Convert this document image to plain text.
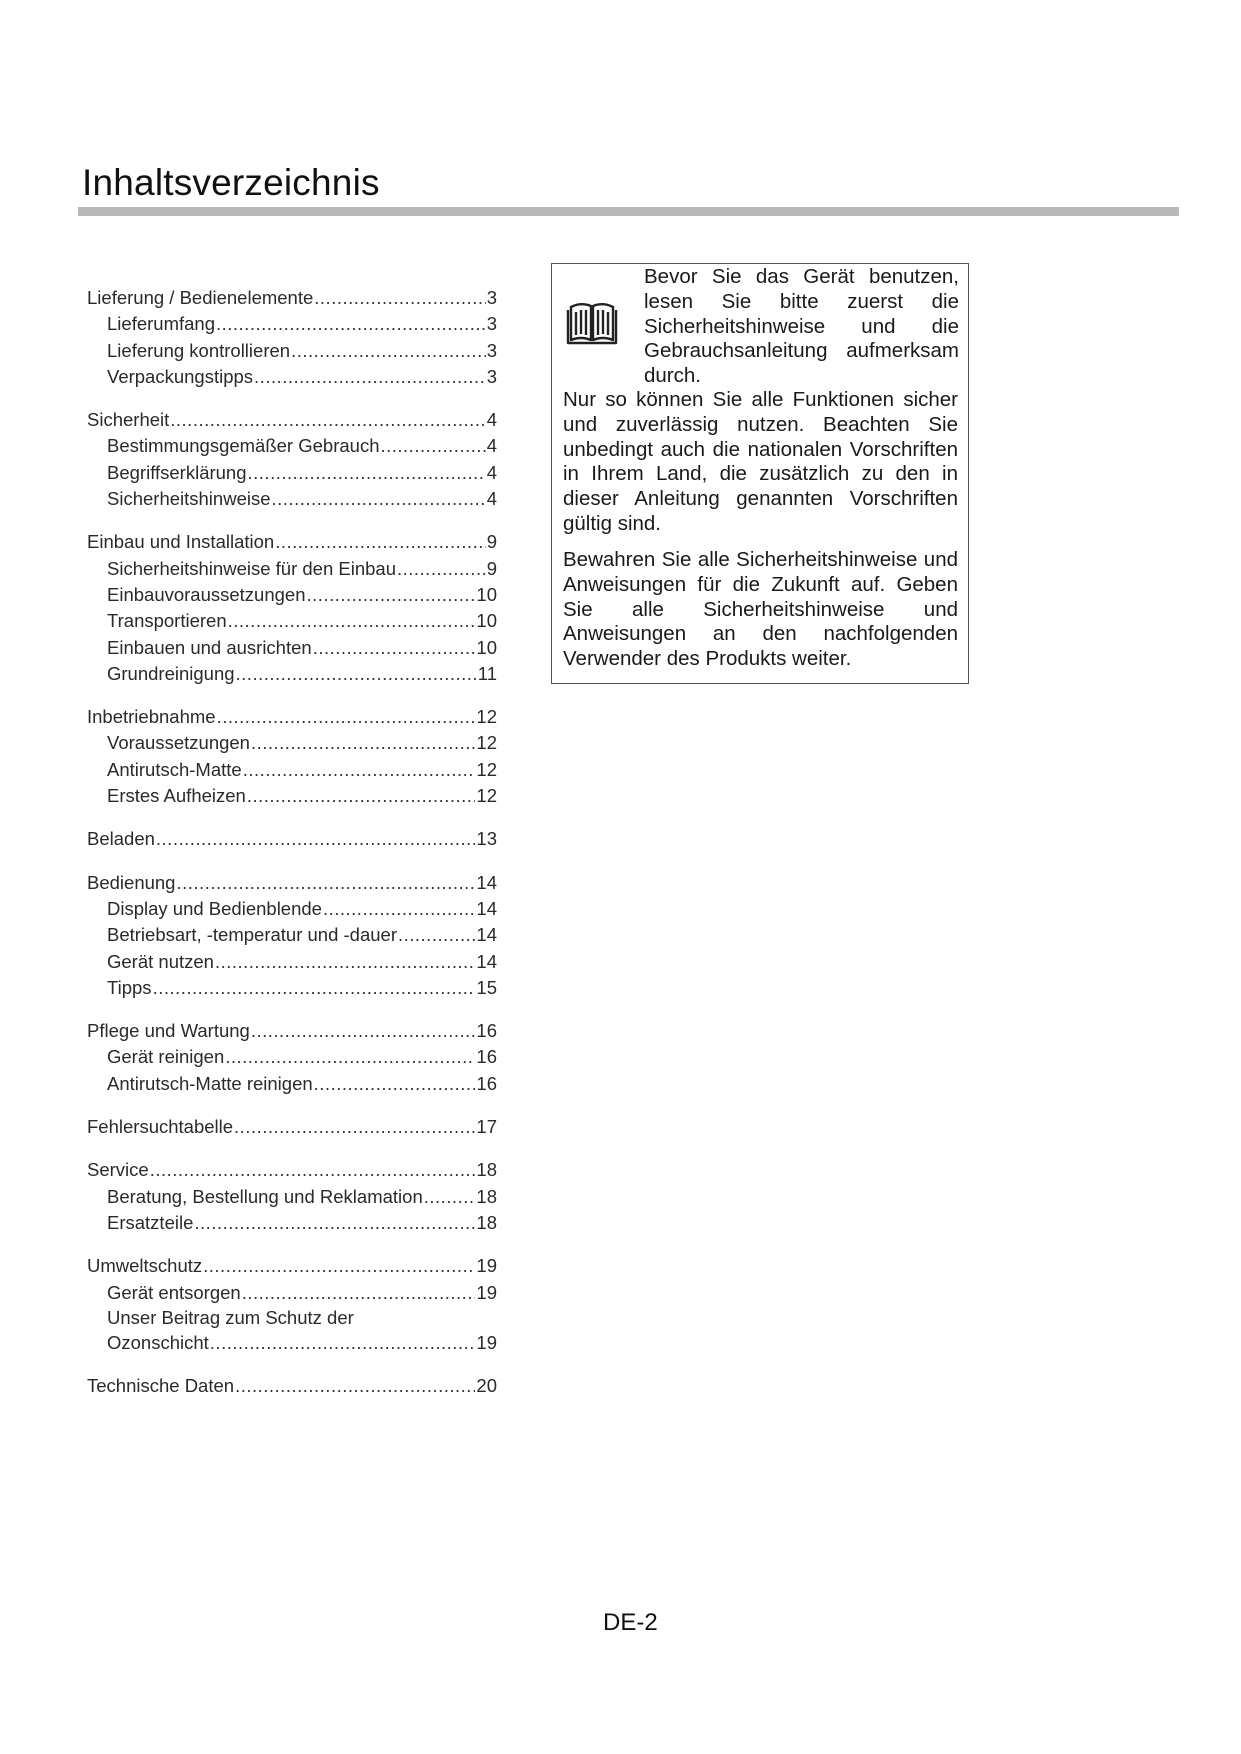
Inhaltsverzeichnis
Lieferung / Bedienelemente .....	3
Lieferumfang .....	3
Lieferung kontrollieren .....	3
Verpackungstipps .....	3
Sicherheit .....	4
Bestimmungsgemäßer Gebrauch .....	4
Begriffserklärung .....	4
Sicherheitshinweise .....	4
Einbau und Installation .....	9
Sicherheitshinweise für den Einbau .....	9
Einbauvoraussetzungen .....	10
Transportieren .....	10
Einbauen und ausrichten .....	10
Grundreinigung .....	11
Inbetriebnahme .....	12
Voraussetzungen .....	12
Antirutsch-Matte .....	12
Erstes Aufheizen .....	12
Beladen .....	13
Bedienung .....	14
Display und Bedienblende .....	14
Betriebsart, -temperatur und -dauer .....	14
Gerät nutzen .....	14
Tipps .....	15
Pflege und Wartung .....	16
Gerät reinigen .....	16
Antirutsch-Matte reinigen .....	16
Fehlersuchtabelle .....	17
Service .....	18
Beratung, Bestellung und Reklamation .....	18
Ersatzteile .....	18
Umweltschutz .....	19
Gerät entsorgen .....	19
Unser Beitrag zum Schutz der
Ozonschicht .....	19
Technische Daten .....	20
Bevor Sie das Gerät benutzen, lesen Sie bitte zuerst die Sicherheitshinweise und die Gebrauchsanleitung aufmerksam durch.
Nur so können Sie alle Funktionen sicher und zuverlässig nutzen. Beachten Sie unbedingt auch die nationalen Vorschriften in Ihrem Land, die zusätzlich zu den in dieser Anleitung genannten Vorschriften gültig sind.
Bewahren Sie alle Sicherheitshinweise und Anweisungen für die Zukunft auf. Geben Sie alle Sicherheitshinweise und Anweisungen an den nachfolgenden Verwender des Produkts weiter.
DE-2
